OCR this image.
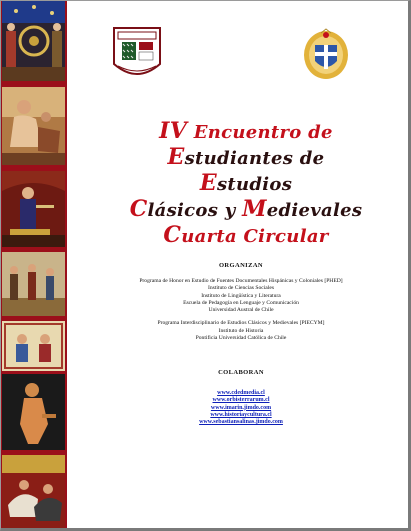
IV Encuentro de
Estudiantes de
Estudios
Clásicos y Medievales
Cuarta Circular
ORGANIZAN
Programa de Honor en Estudio de Fuentes Documentales Hispánicas y Coloniales [PHED]
Instituto de Ciencias Sociales
Instituto de Lingüística y Literatura
Escuela de Pedagogía en Lenguaje y Comunicación
Universidad Austral de Chile
Programa Interdisciplinario de Estudios Clásicos y Medievales [PIECYM]
Instituto de Historia
Pontificia Universidad Católica de Chile
COLABORAN
www.cdedmedia.cl
www.orbisterrarum.cl
www.imarin.jimdo.com
www.historiaycultura.cl
www.sebastiansalinas.jimdo.com
